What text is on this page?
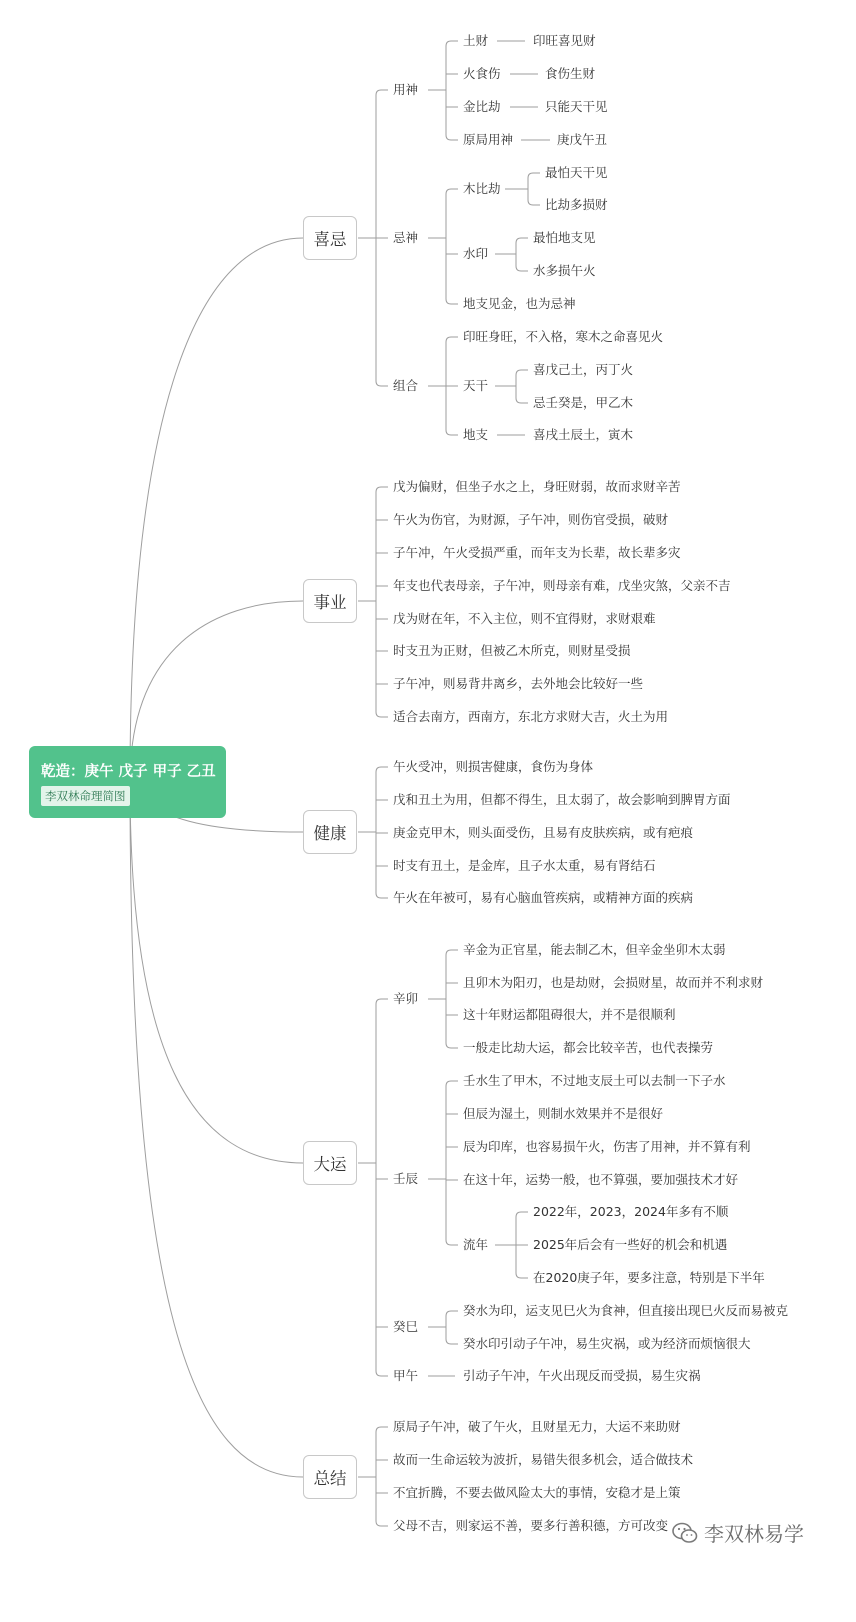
乾造：庚午 戊子 甲子 乙丑
李双林命理简图
喜忌
事业
健康
大运
总结
用神
土财	印旺喜见财
火食伤	食伤生财
金比劫	只能天干见
原局用神	庚戊午丑
忌神
木比劫
最怕天干见
比劫多损财
水印
最怕地支见
水多损午火
地支见金，也为忌神
组合
印旺身旺，不入格，寒木之命喜见火
天干
喜戊己土，丙丁火
忌壬癸是，甲乙木
地支	喜戌土辰土，寅木
戊为偏财，但坐子水之上，身旺财弱，故而求财辛苦
午火为伤官，为财源，子午冲，则伤官受损，破财
子午冲，午火受损严重，而年支为长辈，故长辈多灾
年支也代表母亲，子午冲，则母亲有难，戊坐灾煞，父亲不吉
戊为财在年，不入主位，则不宜得财，求财艰难
时支丑为正财，但被乙木所克，则财星受损
子午冲，则易背井离乡，去外地会比较好一些
适合去南方，西南方，东北方求财大吉，火土为用
午火受冲，则损害健康，食伤为身体
戊和丑土为用，但都不得生，且太弱了，故会影响到脾胃方面
庚金克甲木，则头面受伤，且易有皮肤疾病，或有疤痕
时支有丑土，是金库，且子水太重，易有肾结石
午火在年被可，易有心脑血管疾病，或精神方面的疾病
辛卯
辛金为正官星，能去制乙木，但辛金坐卯木太弱
且卯木为阳刃，也是劫财，会损财星，故而并不利求财
这十年财运都阻碍很大，并不是很顺利
一般走比劫大运，都会比较辛苦，也代表操劳
壬辰
壬水生了甲木，不过地支辰土可以去制一下子水
但辰为湿土，则制水效果并不是很好
辰为印库，也容易损午火，伤害了用神，并不算有利
在这十年，运势一般，也不算强，要加强技术才好
流年
2022年，2023，2024年多有不顺
2025年后会有一些好的机会和机遇
在2020庚子年，要多注意，特别是下半年
癸巳
癸水为印，运支见巳火为食神，但直接出现巳火反而易被克
癸水印引动子午冲，易生灾祸，或为经济而烦恼很大
甲午	引动子午冲，午火出现反而受损，易生灾祸
原局子午冲，破了午火，且财星无力，大运不来助财
故而一生命运较为波折，易错失很多机会，适合做技术
不宜折腾，不要去做风险太大的事情，安稳才是上策
父母不吉，则家运不善，要多行善积德，方可改变 李双林易学
